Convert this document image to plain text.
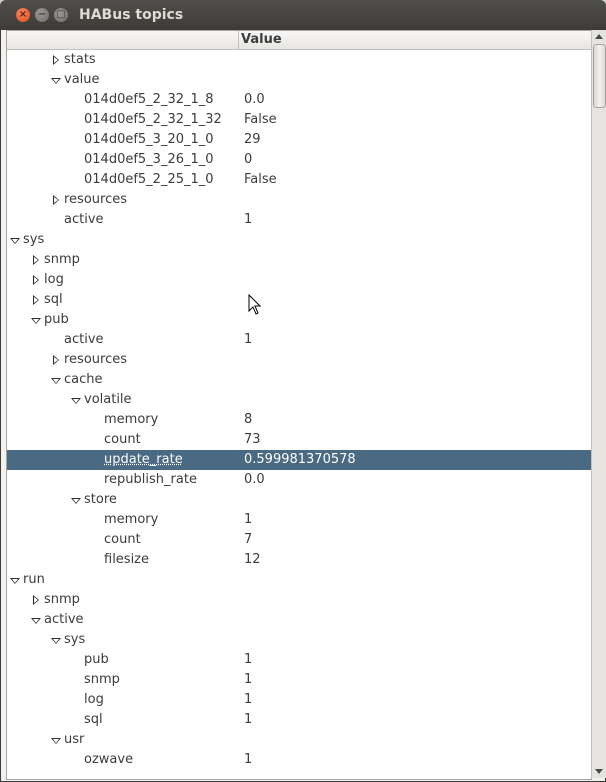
× − □ HABus topics
Value
stats
value
014d0ef5_2_32_1_8 0.0
014d0ef5_2_32_1_32 False
014d0ef5_3_20_1_0 29
014d0ef5_3_26_1_0 0
014d0ef5_2_25_1_0 False
resources
active	1
sys
snmp
log
sql
pub
active	1
resources
cache
volatile
memory	8
count	73
update_rate	0.599981370578
republish_rate	0.0
store
memory	1
count	7
filesize	12
run
snmp
active
sys
pub	1
snmp	1
log	1
sql	1
usr
ozwave	1
